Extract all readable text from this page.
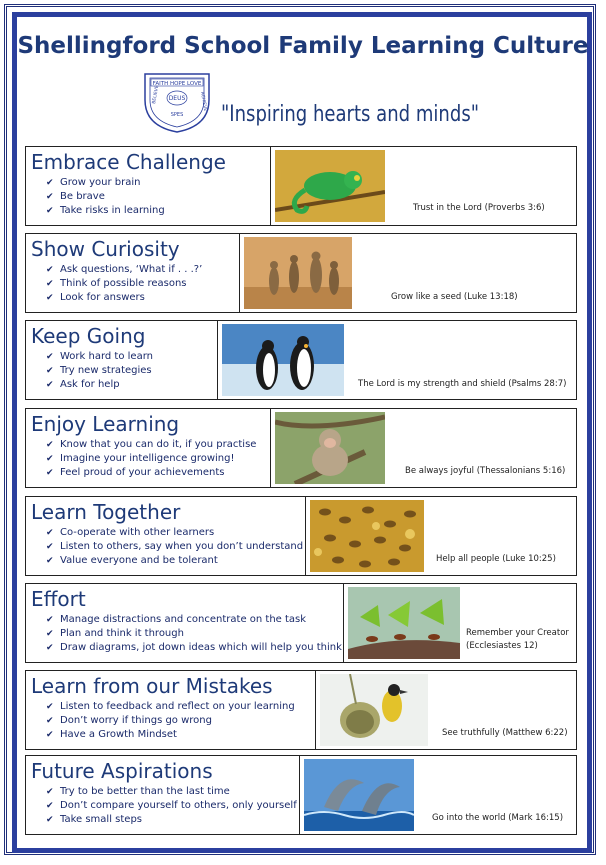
Shellingford School Family Learning Culture
FAITH HOPE LOVE
BELIEVE	ACHIEVE
DEUS
SPES "Inspiring hearts and minds"
Embrace Challenge
✔ Grow your brain
✔ Be brave
✔ Take risks in learning	Trust in the Lord (Proverbs 3:6)
Show Curiosity
✔ Ask questions, ‘What if . . .?’
✔ Think of possible reasons
✔ Look for answers	Grow like a seed (Luke 13:18)
Keep Going
✔ Work hard to learn
✔ Try new strategies
✔ Ask for help	The Lord is my strength and shield (Psalms 28:7)
Enjoy Learning
✔ Know that you can do it, if you practise
✔ Imagine your intelligence growing!
✔ Feel proud of your achievements	Be always joyful (Thessalonians 5:16)
Learn Together
✔ Co-operate with other learners
✔ Listen to others, say when you don’t understand
✔ Value everyone and be tolerant	Help all people (Luke 10:25)
Effort
✔ Manage distractions and concentrate on the task
✔ Plan and think it through
✔ Draw diagrams, jot down ideas which will help you think
Remember your Creator
(Ecclesiastes 12)
Learn from our Mistakes
✔ Listen to feedback and reflect on your learning
✔ Don’t worry if things go wrong
✔ Have a Growth Mindset	See truthfully (Matthew 6:22)
Future Aspirations
✔ Try to be better than the last time
✔ Don’t compare yourself to others, only yourself
✔ Take small steps	Go into the world (Mark 16:15)
